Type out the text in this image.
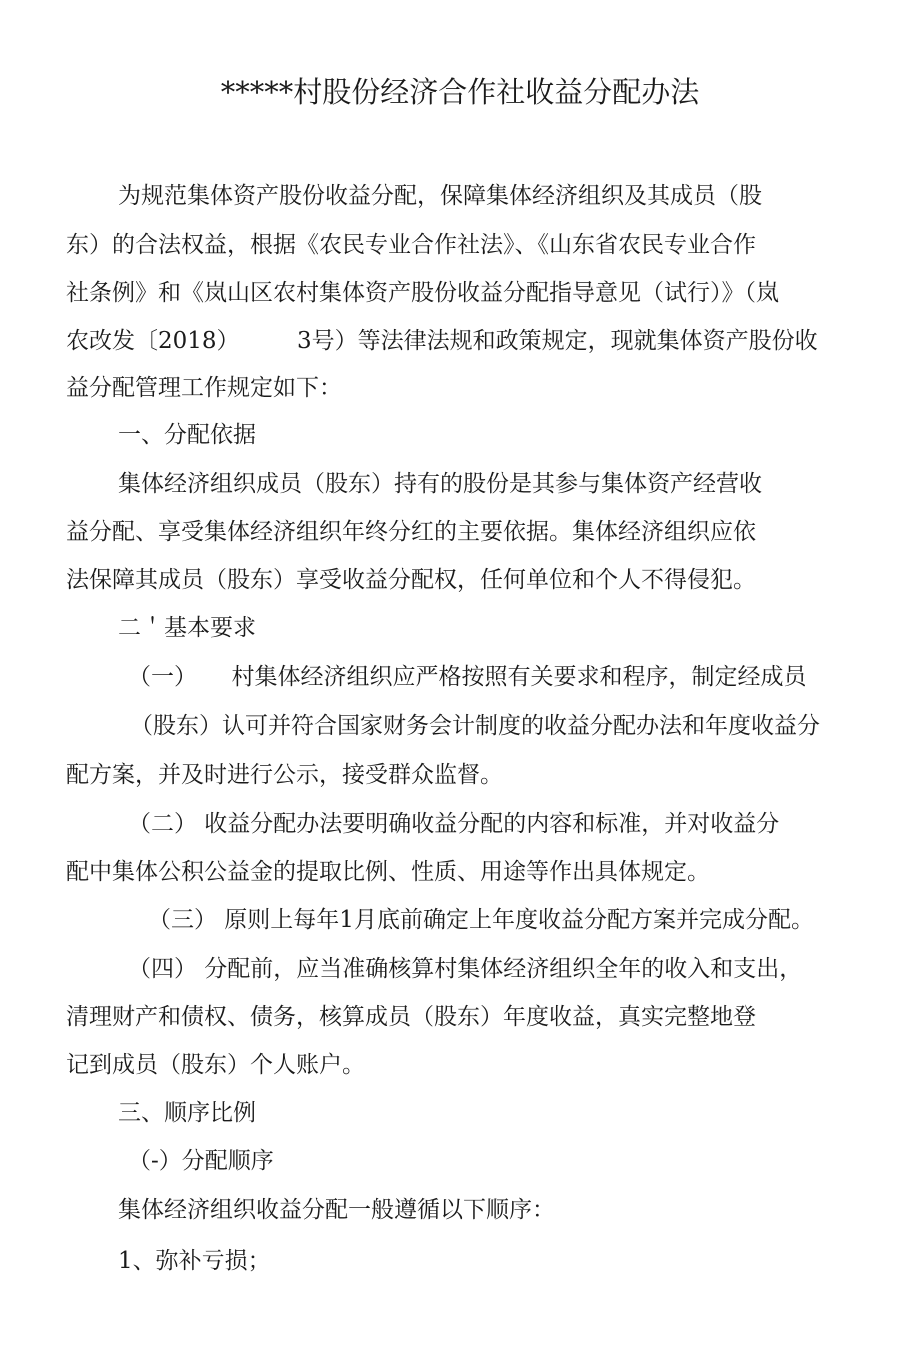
*****村股份经济合作社收益分配办法
为规范集体资产股份收益分配，保障集体经济组织及其成员（股
东）的合法权益，根据《农民专业合作社法》、《山东省农民专业合作
社条例》和《岚山区农村集体资产股份收益分配指导意见（试行）》（岚
农改发〔2018）　　　3号）等法律法规和政策规定，现就集体资产股份收
益分配管理工作规定如下：
一、分配依据
集体经济组织成员（股东）持有的股份是其参与集体资产经营收
益分配、享受集体经济组织年终分红的主要依据。集体经济组织应依
法保障其成员（股东）享受收益分配权，任何单位和个人不得侵犯。
二＇基本要求
（一）　　村集体经济组织应严格按照有关要求和程序，制定经成员
（股东）认可并符合国家财务会计制度的收益分配办法和年度收益分
配方案，并及时进行公示，接受群众监督。
（二） 收益分配办法要明确收益分配的内容和标准，并对收益分
配中集体公积公益金的提取比例、性质、用途等作出具体规定。
（三） 原则上每年1月底前确定上年度收益分配方案并完成分配。
（四） 分配前，应当准确核算村集体经济组织全年的收入和支出，
清理财产和债权、债务，核算成员（股东）年度收益，真实完整地登
记到成员（股东）个人账户。
三、顺序比例
（-）分配顺序
集体经济组织收益分配一般遵循以下顺序：
1、弥补亏损；
